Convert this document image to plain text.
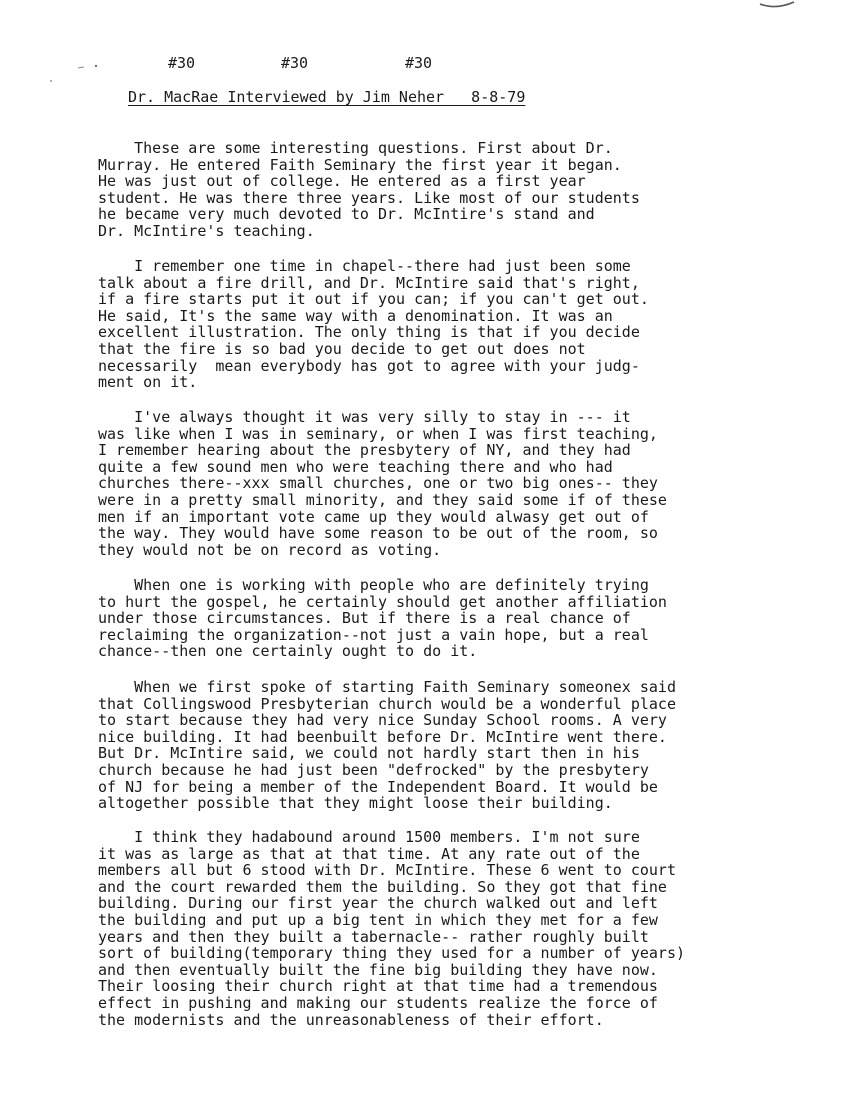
#30	#30	#30
Dr. MacRae Interviewed by Jim Neher   8-8-79

These are some interesting questions. First about Dr.
Murray. He entered Faith Seminary the first year it began.
He was just out of college. He entered as a first year
student. He was there three years. Like most of our students
he became very much devoted to Dr. McIntire's stand and
Dr. McIntire's teaching.

I remember one time in chapel--there had just been some
talk about a fire drill, and Dr. McIntire said that's right,
if a fire starts put it out if you can; if you can't get out.
He said, It's the same way with a denomination. It was an
excellent illustration. The only thing is that if you decide
that the fire is so bad you decide to get out does not
necessarily  mean everybody has got to agree with your judg-
ment on it.

I've always thought it was very silly to stay in --- it
was like when I was in seminary, or when I was first teaching,
I remember hearing about the presbytery of NY, and they had
quite a few sound men who were teaching there and who had
churches there--xxx small churches, one or two big ones-- they
were in a pretty small minority, and they said some if of these
men if an important vote came up they would alwasy get out of
the way. They would have some reason to be out of the room, so
they would not be on record as voting.

When one is working with people who are definitely trying
to hurt the gospel, he certainly should get another affiliation
under those circumstances. But if there is a real chance of
reclaiming the organization--not just a vain hope, but a real
chance--then one certainly ought to do it.

When we first spoke of starting Faith Seminary someonex said
that Collingswood Presbyterian church would be a wonderful place
to start because they had very nice Sunday School rooms. A very
nice building. It had beenbuilt before Dr. McIntire went there.
But Dr. McIntire said, we could not hardly start then in his
church because he had just been "defrocked" by the presbytery
of NJ for being a member of the Independent Board. It would be
altogether possible that they might loose their building.

I think they hadabound around 1500 members. I'm not sure
it was as large as that at that time. At any rate out of the
members all but 6 stood with Dr. McIntire. These 6 went to court
and the court rewarded them the building. So they got that fine
building. During our first year the church walked out and left
the building and put up a big tent in which they met for a few
years and then they built a tabernacle-- rather roughly built
sort of building(temporary thing they used for a number of years)
and then eventually built the fine big building they have now.
Their loosing their church right at that time had a tremendous
effect in pushing and making our students realize the force of
the modernists and the unreasonableness of their effort.
